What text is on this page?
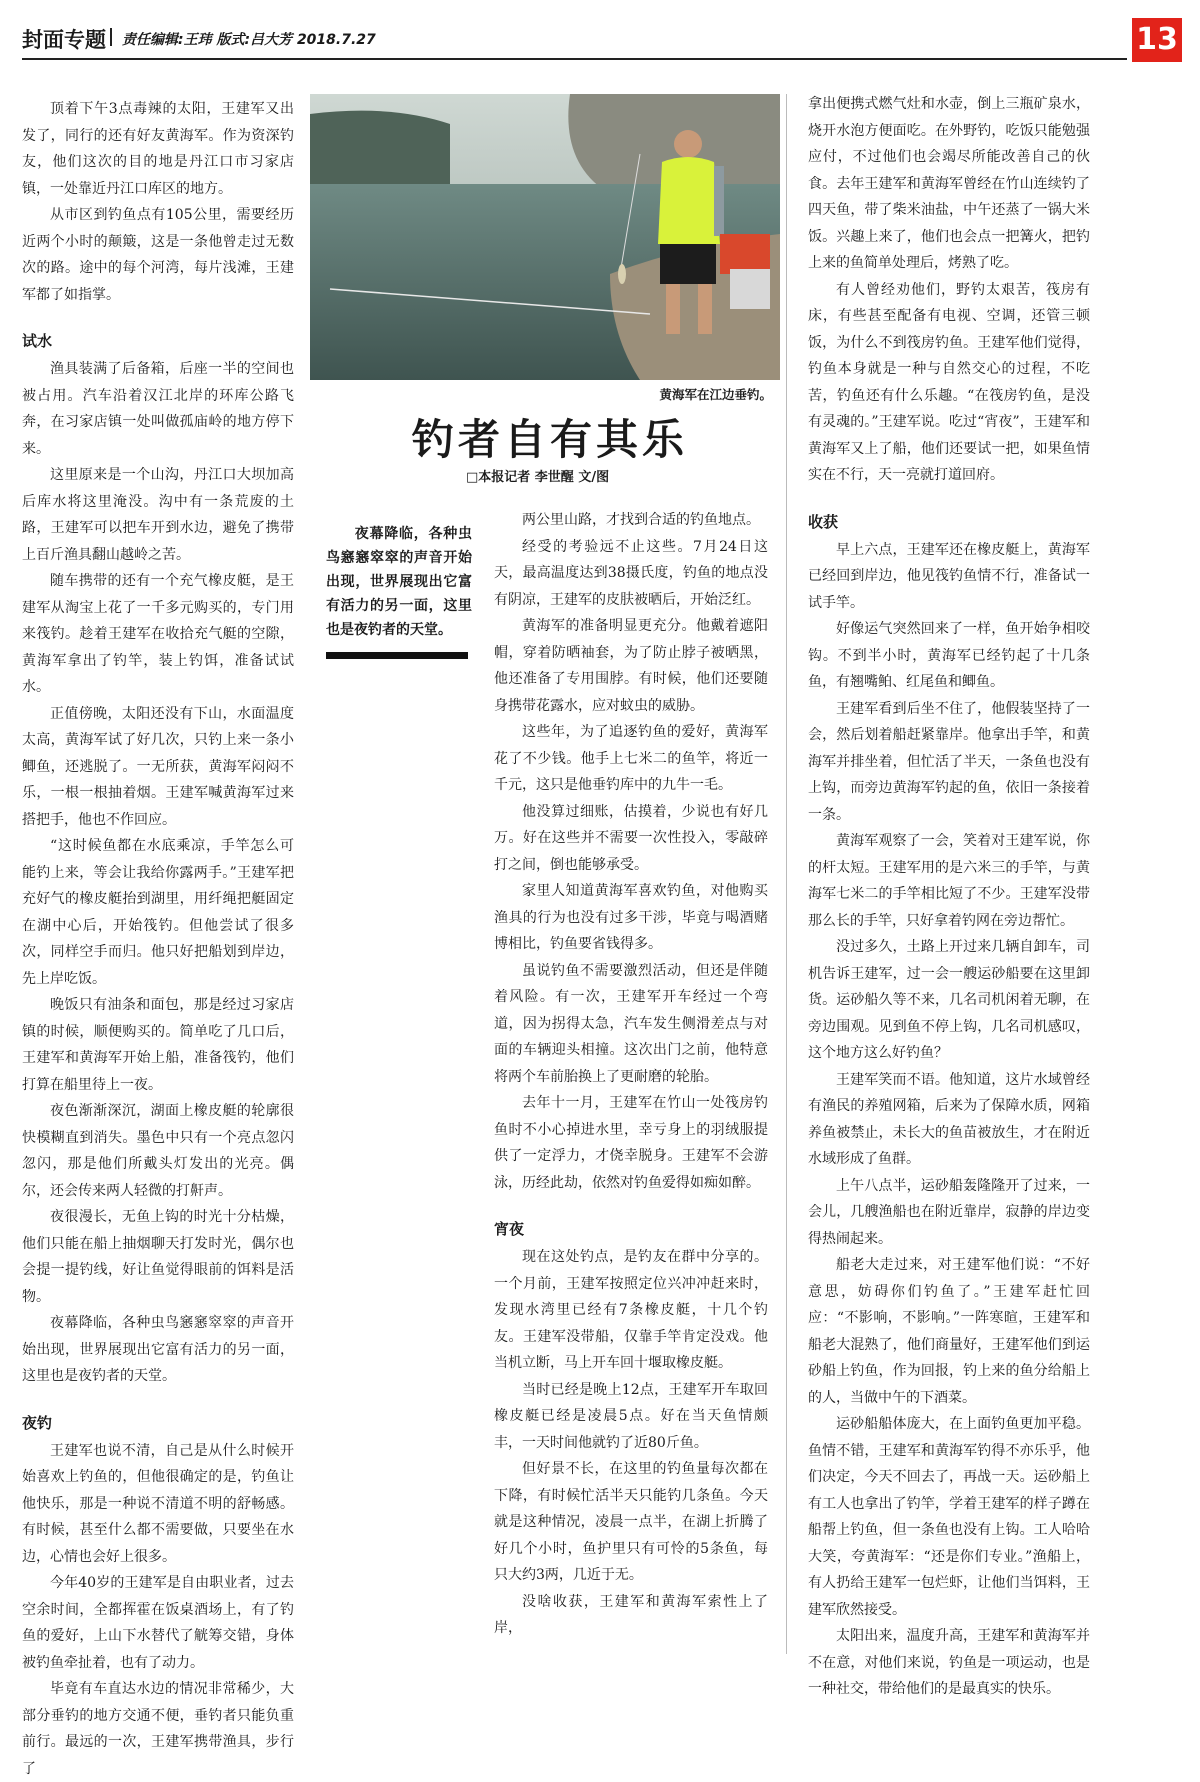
封面专题 责任编辑:王玮 版式:吕大芳 2018.7.27	13

顶着下午3点毒辣的太阳，王建军又出发了，同行的还有好友黄海军。作为资深钓友，他们这次的目的地是丹江口市习家店镇，一处靠近丹江口库区的地方。

从市区到钓鱼点有105公里，需要经历近两个小时的颠簸，这是一条他曾走过无数次的路。途中的每个河湾，每片浅滩，王建军都了如指掌。

试水

渔具装满了后备箱，后座一半的空间也被占用。汽车沿着汉江北岸的环库公路飞奔，在习家店镇一处叫做孤庙岭的地方停下来。

这里原来是一个山沟，丹江口大坝加高后库水将这里淹没。沟中有一条荒废的土路，王建军可以把车开到水边，避免了携带上百斤渔具翻山越岭之苦。

随车携带的还有一个充气橡皮艇，是王建军从淘宝上花了一千多元购买的，专门用来筏钓。趁着王建军在收拾充气艇的空隙，黄海军拿出了钓竿，装上钓饵，准备试试水。

正值傍晚，太阳还没有下山，水面温度太高，黄海军试了好几次，只钓上来一条小鲫鱼，还逃脱了。一无所获，黄海军闷闷不乐，一根一根抽着烟。王建军喊黄海军过来搭把手，他也不作回应。

“这时候鱼都在水底乘凉，手竿怎么可能钓上来，等会让我给你露两手。”王建军把充好气的橡皮艇抬到湖里，用纤绳把艇固定在湖中心后，开始筏钓。但他尝试了很多次，同样空手而归。他只好把船划到岸边，先上岸吃饭。

晚饭只有油条和面包，那是经过习家店镇的时候，顺便购买的。简单吃了几口后，王建军和黄海军开始上船，准备筏钓，他们打算在船里待上一夜。

夜色渐渐深沉，湖面上橡皮艇的轮廓很快模糊直到消失。墨色中只有一个亮点忽闪忽闪，那是他们所戴头灯发出的光亮。偶尔，还会传来两人轻微的打鼾声。

夜很漫长，无鱼上钩的时光十分枯燥，他们只能在船上抽烟聊天打发时光，偶尔也会提一提钓线，好让鱼觉得眼前的饵料是活物。

夜幕降临，各种虫鸟窸窸窣窣的声音开始出现，世界展现出它富有活力的另一面，这里也是夜钓者的天堂。

夜钓

王建军也说不清，自己是从什么时候开始喜欢上钓鱼的，但他很确定的是，钓鱼让他快乐，那是一种说不清道不明的舒畅感。有时候，甚至什么都不需要做，只要坐在水边，心情也会好上很多。

今年40岁的王建军是自由职业者，过去空余时间，全都挥霍在饭桌酒场上，有了钓鱼的爱好，上山下水替代了觥筹交错，身体被钓鱼牵扯着，也有了动力。

毕竟有车直达水边的情况非常稀少，大部分垂钓的地方交通不便，垂钓者只能负重前行。最远的一次，王建军携带渔具，步行了

黄海军在江边垂钓。
钓者自有其乐
□本报记者 李世醒 文/图
夜幕降临，各种虫鸟窸窸窣窣的声音开始出现，世界展现出它富有活力的另一面，这里也是夜钓者的天堂。

两公里山路，才找到合适的钓鱼地点。

经受的考验远不止这些。7月24日这天，最高温度达到38摄氏度，钓鱼的地点没有阴凉，王建军的皮肤被晒后，开始泛红。

黄海军的准备明显更充分。他戴着遮阳帽，穿着防晒袖套，为了防止脖子被晒黑，他还准备了专用围脖。有时候，他们还要随身携带花露水，应对蚊虫的威胁。

这些年，为了追逐钓鱼的爱好，黄海军花了不少钱。他手上七米二的鱼竿，将近一千元，这只是他垂钓库中的九牛一毛。

他没算过细账，估摸着，少说也有好几万。好在这些并不需要一次性投入，零敲碎打之间，倒也能够承受。

家里人知道黄海军喜欢钓鱼，对他购买渔具的行为也没有过多干涉，毕竟与喝酒赌博相比，钓鱼要省钱得多。

虽说钓鱼不需要激烈活动，但还是伴随着风险。有一次，王建军开车经过一个弯道，因为拐得太急，汽车发生侧滑差点与对面的车辆迎头相撞。这次出门之前，他特意将两个车前胎换上了更耐磨的轮胎。

去年十一月，王建军在竹山一处筏房钓鱼时不小心掉进水里，幸亏身上的羽绒服提供了一定浮力，才侥幸脱身。王建军不会游泳，历经此劫，依然对钓鱼爱得如痴如醉。

宵夜

现在这处钓点，是钓友在群中分享的。一个月前，王建军按照定位兴冲冲赶来时，发现水湾里已经有7条橡皮艇，十几个钓友。王建军没带船，仅靠手竿肯定没戏。他当机立断，马上开车回十堰取橡皮艇。

当时已经是晚上12点，王建军开车取回橡皮艇已经是凌晨5点。好在当天鱼情颇丰，一天时间他就钓了近80斤鱼。

但好景不长，在这里的钓鱼量每次都在下降，有时候忙活半天只能钓几条鱼。今天就是这种情况，凌晨一点半，在湖上折腾了好几个小时，鱼护里只有可怜的5条鱼，每只大约3两，几近于无。

没啥收获，王建军和黄海军索性上了岸，

拿出便携式燃气灶和水壶，倒上三瓶矿泉水，烧开水泡方便面吃。在外野钓，吃饭只能勉强应付，不过他们也会竭尽所能改善自己的伙食。去年王建军和黄海军曾经在竹山连续钓了四天鱼，带了柴米油盐，中午还蒸了一锅大米饭。兴趣上来了，他们也会点一把篝火，把钓上来的鱼简单处理后，烤熟了吃。

有人曾经劝他们，野钓太艰苦，筏房有床，有些甚至配备有电视、空调，还管三顿饭，为什么不到筏房钓鱼。王建军他们觉得，钓鱼本身就是一种与自然交心的过程，不吃苦，钓鱼还有什么乐趣。“在筏房钓鱼，是没有灵魂的。”王建军说。吃过“宵夜”，王建军和黄海军又上了船，他们还要试一把，如果鱼情实在不行，天一亮就打道回府。

收获

早上六点，王建军还在橡皮艇上，黄海军已经回到岸边，他见筏钓鱼情不行，准备试一试手竿。

好像运气突然回来了一样，鱼开始争相咬钩。不到半小时，黄海军已经钓起了十几条鱼，有翘嘴鲌、红尾鱼和鲫鱼。

王建军看到后坐不住了，他假装坚持了一会，然后划着船赶紧靠岸。他拿出手竿，和黄海军并排坐着，但忙活了半天，一条鱼也没有上钩，而旁边黄海军钓起的鱼，依旧一条接着一条。

黄海军观察了一会，笑着对王建军说，你的杆太短。王建军用的是六米三的手竿，与黄海军七米二的手竿相比短了不少。王建军没带那么长的手竿，只好拿着钓网在旁边帮忙。

没过多久，土路上开过来几辆自卸车，司机告诉王建军，过一会一艘运砂船要在这里卸货。运砂船久等不来，几名司机闲着无聊，在旁边围观。见到鱼不停上钩，几名司机感叹，这个地方这么好钓鱼？

王建军笑而不语。他知道，这片水域曾经有渔民的养殖网箱，后来为了保障水质，网箱养鱼被禁止，未长大的鱼苗被放生，才在附近水域形成了鱼群。

上午八点半，运砂船轰隆隆开了过来，一会儿，几艘渔船也在附近靠岸，寂静的岸边变得热闹起来。

船老大走过来，对王建军他们说：“不好意思，妨碍你们钓鱼了。”王建军赶忙回应：“不影响，不影响。”一阵寒暄，王建军和船老大混熟了，他们商量好，王建军他们到运砂船上钓鱼，作为回报，钓上来的鱼分给船上的人，当做中午的下酒菜。

运砂船船体庞大，在上面钓鱼更加平稳。鱼情不错，王建军和黄海军钓得不亦乐乎，他们决定，今天不回去了，再战一天。运砂船上有工人也拿出了钓竿，学着王建军的样子蹲在船帮上钓鱼，但一条鱼也没有上钩。工人哈哈大笑，夸黄海军：“还是你们专业。”渔船上，有人扔给王建军一包烂虾，让他们当饵料，王建军欣然接受。

太阳出来，温度升高，王建军和黄海军并不在意，对他们来说，钓鱼是一项运动，也是一种社交，带给他们的是最真实的快乐。
